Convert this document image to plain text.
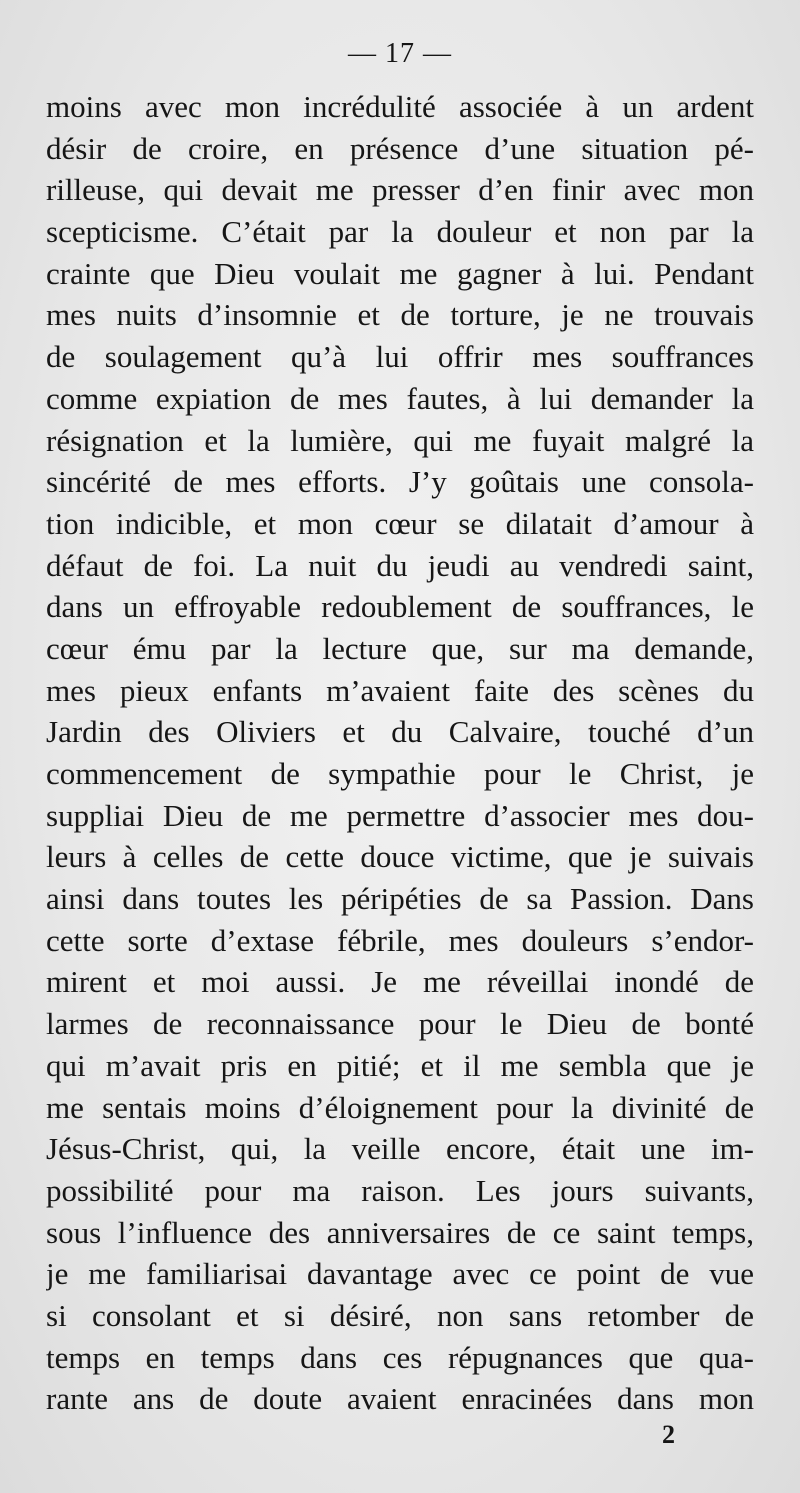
— 17 —
moins avec mon incrédulité associée à un ardent
désir de croire, en présence d’une situation pé-
rilleuse, qui devait me presser d’en finir avec mon
scepticisme. C’était par la douleur et non par la
crainte que Dieu voulait me gagner à lui. Pendant
mes nuits d’insomnie et de torture, je ne trouvais
de soulagement qu’à lui offrir mes souffrances
comme expiation de mes fautes, à lui demander la
résignation et la lumière, qui me fuyait malgré la
sincérité de mes efforts. J’y goûtais une consola-
tion indicible, et mon cœur se dilatait d’amour à
défaut de foi. La nuit du jeudi au vendredi saint,
dans un effroyable redoublement de souffrances, le
cœur ému par la lecture que, sur ma demande,
mes pieux enfants m’avaient faite des scènes du
Jardin des Oliviers et du Calvaire, touché d’un
commencement de sympathie pour le Christ, je
suppliai Dieu de me permettre d’associer mes dou-
leurs à celles de cette douce victime, que je suivais
ainsi dans toutes les péripéties de sa Passion. Dans
cette sorte d’extase fébrile, mes douleurs s’endor-
mirent et moi aussi. Je me réveillai inondé de
larmes de reconnaissance pour le Dieu de bonté
qui m’avait pris en pitié; et il me sembla que je
me sentais moins d’éloignement pour la divinité de
Jésus-Christ, qui, la veille encore, était une im-
possibilité pour ma raison. Les jours suivants,
sous l’influence des anniversaires de ce saint temps,
je me familiarisai davantage avec ce point de vue
si consolant et si désiré, non sans retomber de
temps en temps dans ces répugnances que qua-
rante ans de doute avaient enracinées dans mon
2
